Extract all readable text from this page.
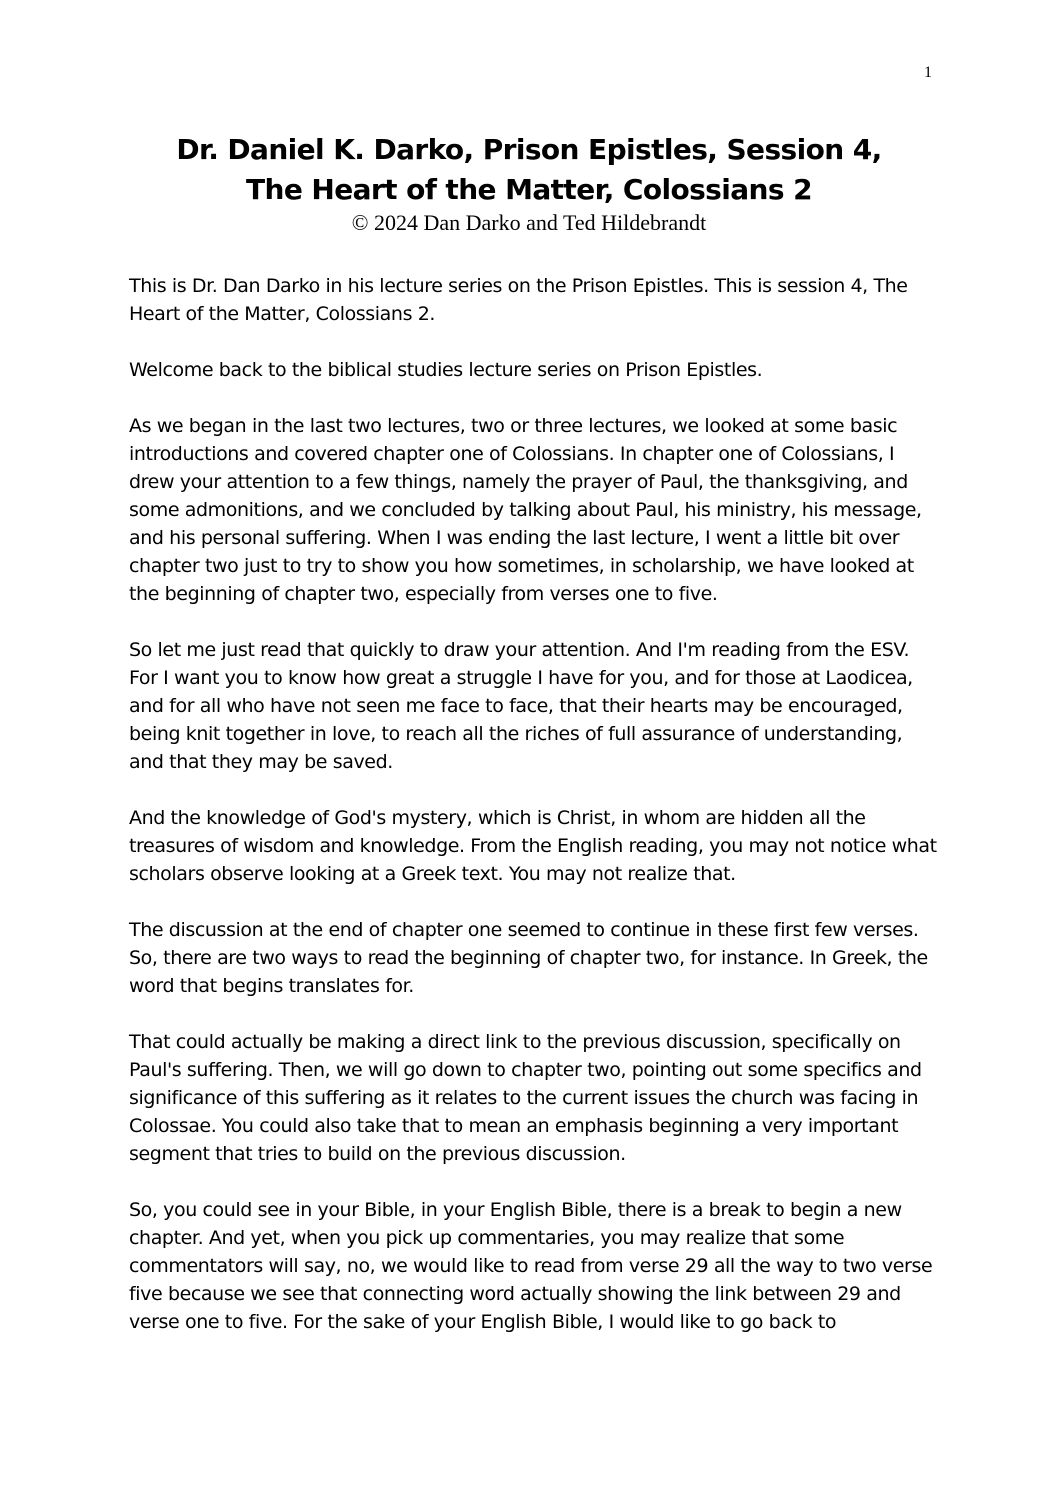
1
Dr. Daniel K. Darko, Prison Epistles, Session 4,
The Heart of the Matter, Colossians 2
© 2024 Dan Darko and Ted Hildebrandt

This is Dr. Dan Darko in his lecture series on the Prison Epistles. This is session 4, The Heart of the Matter, Colossians 2.

Welcome back to the biblical studies lecture series on Prison Epistles.

As we began in the last two lectures, two or three lectures, we looked at some basic introductions and covered chapter one of Colossians. In chapter one of Colossians, I drew your attention to a few things, namely the prayer of Paul, the thanksgiving, and some admonitions, and we concluded by talking about Paul, his ministry, his message, and his personal suffering. When I was ending the last lecture, I went a little bit over chapter two just to try to show you how sometimes, in scholarship, we have looked at the beginning of chapter two, especially from verses one to five.

So let me just read that quickly to draw your attention. And I'm reading from the ESV. For I want you to know how great a struggle I have for you, and for those at Laodicea, and for all who have not seen me face to face, that their hearts may be encouraged, being knit together in love, to reach all the riches of full assurance of understanding, and that they may be saved.

And the knowledge of God's mystery, which is Christ, in whom are hidden all the treasures of wisdom and knowledge. From the English reading, you may not notice what scholars observe looking at a Greek text. You may not realize that.

The discussion at the end of chapter one seemed to continue in these first few verses. So, there are two ways to read the beginning of chapter two, for instance. In Greek, the word that begins translates for.

That could actually be making a direct link to the previous discussion, specifically on Paul's suffering. Then, we will go down to chapter two, pointing out some specifics and significance of this suffering as it relates to the current issues the church was facing in Colossae. You could also take that to mean an emphasis beginning a very important segment that tries to build on the previous discussion.

So, you could see in your Bible, in your English Bible, there is a break to begin a new chapter. And yet, when you pick up commentaries, you may realize that some commentators will say, no, we would like to read from verse 29 all the way to two verse five because we see that connecting word actually showing the link between 29 and verse one to five. For the sake of your English Bible, I would like to go back to
